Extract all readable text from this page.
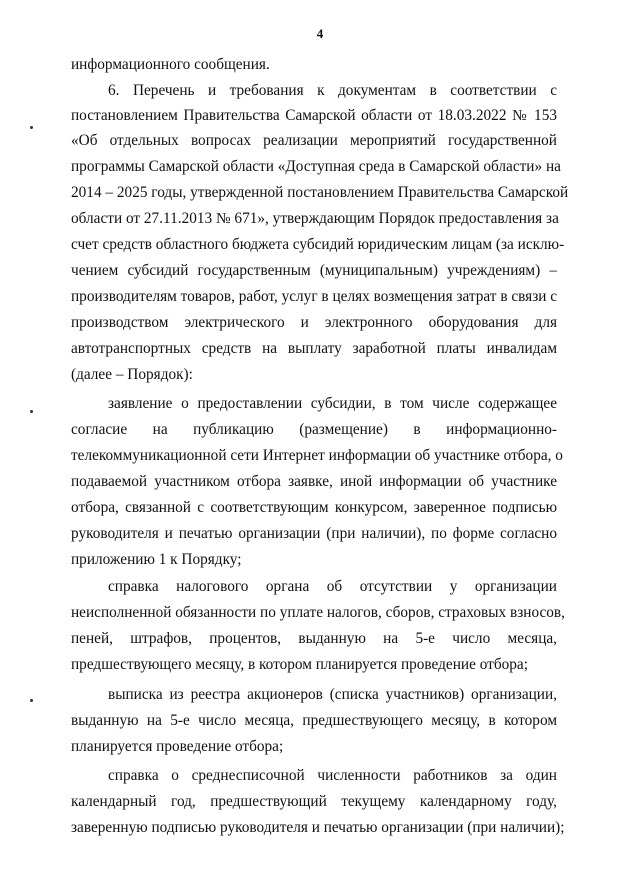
4
информационного сообщения.
6. Перечень и требования к документам в соответствии с
постановлением Правительства Самарской области от 18.03.2022 № 153
«Об отдельных вопросах реализации мероприятий государственной
программы Самарской области «Доступная среда в Самарской области» на
2014 – 2025 годы, утвержденной постановлением Правительства Самарской
области от 27.11.2013 № 671», утверждающим Порядок предоставления за
счет средств областного бюджета субсидий юридическим лицам (за исклю-
чением субсидий государственным (муниципальным) учреждениям) –
производителям товаров, работ, услуг в целях возмещения затрат в связи с
производством электрического и электронного оборудования для
автотранспортных средств на выплату заработной платы инвалидам
(далее – Порядок):
заявление о предоставлении субсидии, в том числе содержащее
согласие на публикацию (размещение) в информационно-
телекоммуникационной сети Интернет информации об участнике отбора, о
подаваемой участником отбора заявке, иной информации об участнике
отбора, связанной с соответствующим конкурсом, заверенное подписью
руководителя и печатью организации (при наличии), по форме согласно
приложению 1 к Порядку;
справка налогового органа об отсутствии у организации
неисполненной обязанности по уплате налогов, сборов, страховых взносов,
пеней, штрафов, процентов, выданную на 5-е число месяца,
предшествующего месяцу, в котором планируется проведение отбора;
выписка из реестра акционеров (списка участников) организации,
выданную на 5-е число месяца, предшествующего месяцу, в котором
планируется проведение отбора;
справка о среднесписочной численности работников за один
календарный год, предшествующий текущему календарному году,
заверенную подписью руководителя и печатью организации (при наличии);
